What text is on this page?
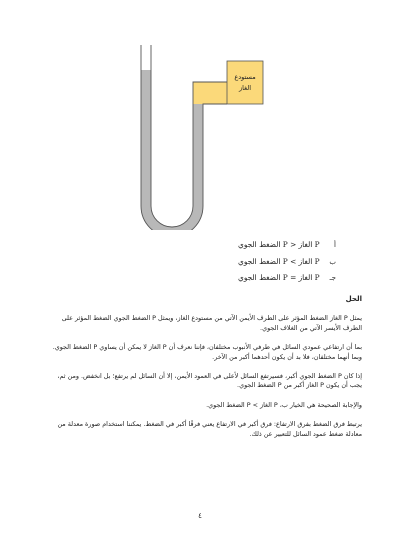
مستودع
الغاز
أ P الغاز < P الضغط الجوي
ب P الغاز > P الضغط الجوي
جـ P الغاز = P الضغط الجوي
الحل

يمثل P الغاز الضغط المؤثر على الطرف الأيمن الآتي من مستودع الغاز، ويمثل P الضغط الجوي الضغط المؤثر على الطرف الأيسر الآتي من الغلاف الجوي.

بما أن ارتفاعي عمودي السائل في طرفي الأنبوب مختلفان، فإننا نعرف أن P الغاز لا يمكن أن يساوي P الضغط الجوي. وبما أنهما مختلفان، فلا بد أن يكون أحدهما أكبر من الآخر.

إذا كان P الضغط الجوي أكبر، فسيرتفع السائل لأعلى في العمود الأيمن، إلا أن السائل لم يرتفع؛ بل انخفض. ومن ثم، يجب أن يكون P الغاز أكبر من P الضغط الجوي.

والإجابة الصحيحة هي الخيار ب، P الغاز > P الضغط الجوي.

يرتبط فرق الضغط بفرق الارتفاع: فرق أكبر في الارتفاع يعني فرقًا أكبر في الضغط. يمكننا استخدام صورة معدلة من معادلة ضغط عمود السائل للتعبير عن ذلك.

٤
